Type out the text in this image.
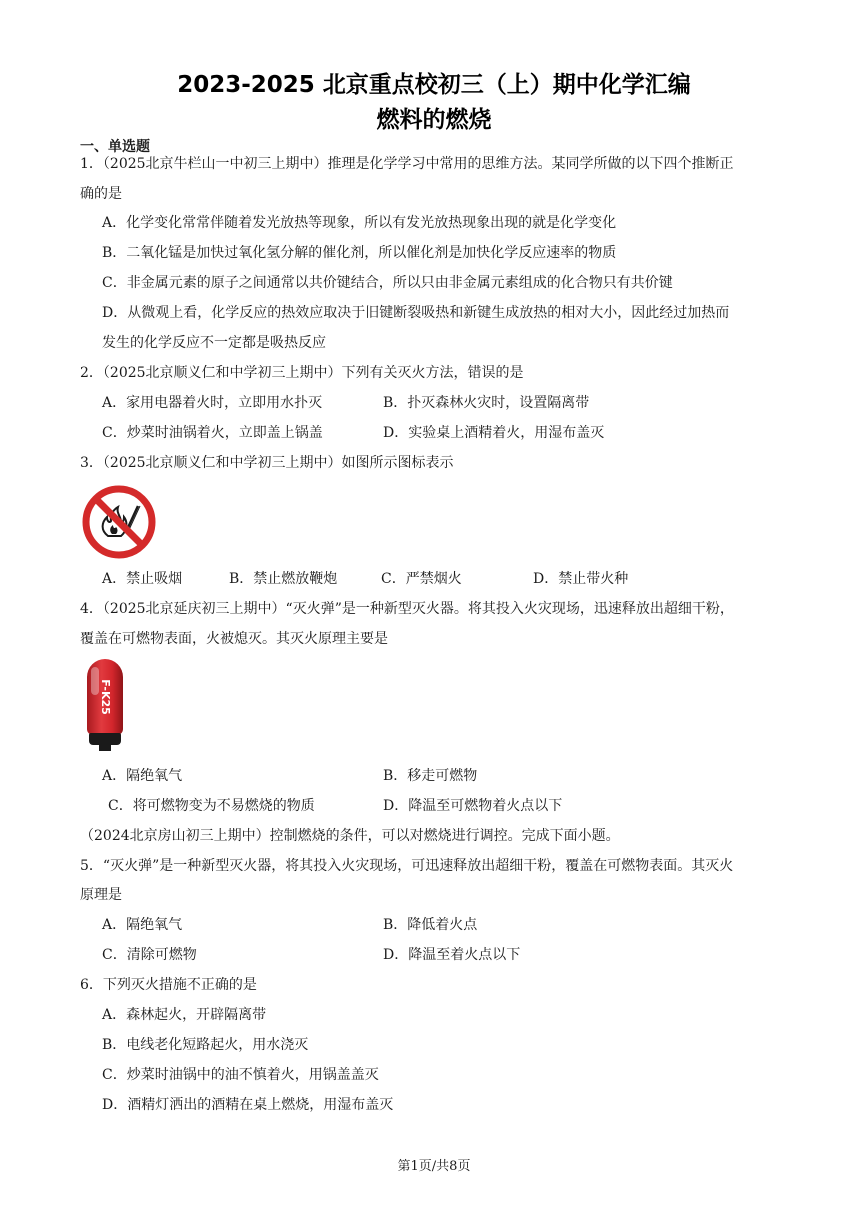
2023-2025 北京重点校初三（上）期中化学汇编
燃料的燃烧
一、单选题
1．（2025北京牛栏山一中初三上期中）推理是化学学习中常用的思维方法。某同学所做的以下四个推断正
确的是
A．化学变化常常伴随着发光放热等现象，所以有发光放热现象出现的就是化学变化
B．二氧化锰是加快过氧化氢分解的催化剂，所以催化剂是加快化学反应速率的物质
C．非金属元素的原子之间通常以共价键结合，所以只由非金属元素组成的化合物只有共价键
D．从微观上看，化学反应的热效应取决于旧键断裂吸热和新键生成放热的相对大小，因此经过加热而
发生的化学反应不一定都是吸热反应
2．（2025北京顺义仁和中学初三上期中）下列有关灭火方法，错误的是
A．家用电器着火时，立即用水扑灭	B．扑灭森林火灾时，设置隔离带
C．炒菜时油锅着火，立即盖上锅盖	D．实验桌上酒精着火，用湿布盖灭
3．（2025北京顺义仁和中学初三上期中）如图所示图标表示
A．禁止吸烟	B．禁止燃放鞭炮	C．严禁烟火	D．禁止带火种
4．（2025北京延庆初三上期中）“灭火弹”是一种新型灭火器。将其投入火灾现场，迅速释放出超细干粉，
覆盖在可燃物表面，火被熄灭。其灭火原理主要是
F-K25
A．隔绝氧气	B．移走可燃物
C．将可燃物变为不易燃烧的物质	D．降温至可燃物着火点以下
（2024北京房山初三上期中）控制燃烧的条件，可以对燃烧进行调控。完成下面小题。
5．“灭火弹”是一种新型灭火器，将其投入火灾现场，可迅速释放出超细干粉，覆盖在可燃物表面。其灭火
原理是
A．隔绝氧气	B．降低着火点
C．清除可燃物	D．降温至着火点以下
6．下列灭火措施不正确的是
A．森林起火，开辟隔离带
B．电线老化短路起火，用水浇灭
C．炒菜时油锅中的油不慎着火，用锅盖盖灭
D．酒精灯洒出的酒精在桌上燃烧，用湿布盖灭
第1页/共8页
